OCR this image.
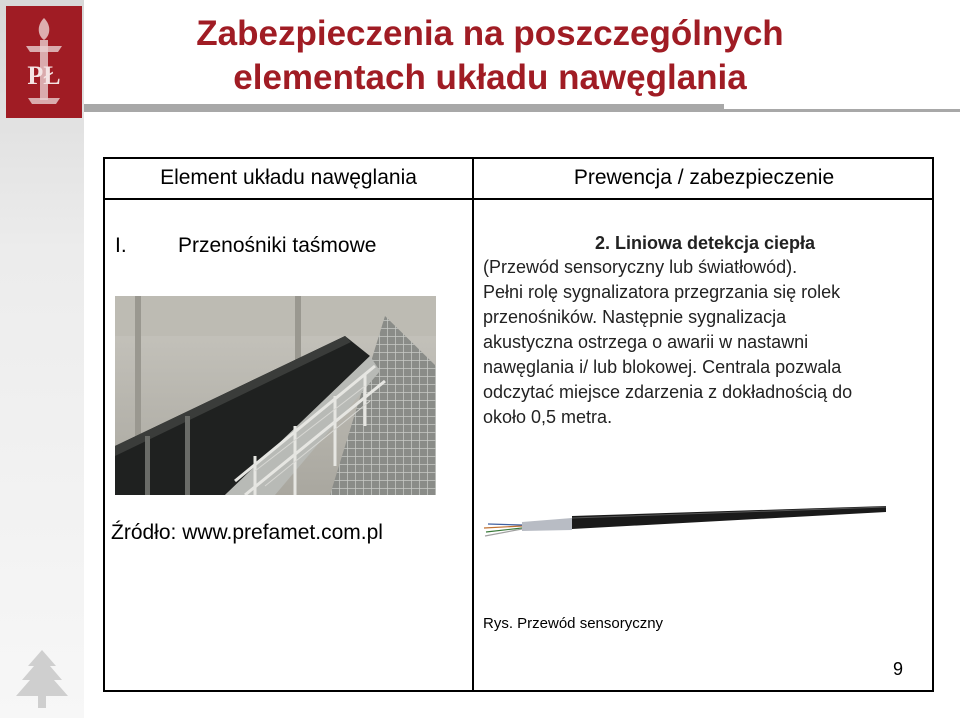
PŁ
Zabezpieczenia na poszczególnych
elementach układu nawęglania
Element układu nawęglania	Prewencja / zabezpieczenie
I. Przenośniki taśmowe
Źródło: www.prefamet.com.pl
2. Liniowa detekcja ciepła
(Przewód sensoryczny lub światłowód).
Pełni rolę sygnalizatora przegrzania się rolek
przenośników. Następnie sygnalizacja
akustyczna ostrzega o awarii w nastawni
nawęglania i/ lub blokowej. Centrala pozwala
odczytać miejsce zdarzenia z dokładnością do
około 0,5 metra.
Rys. Przewód sensoryczny
9
